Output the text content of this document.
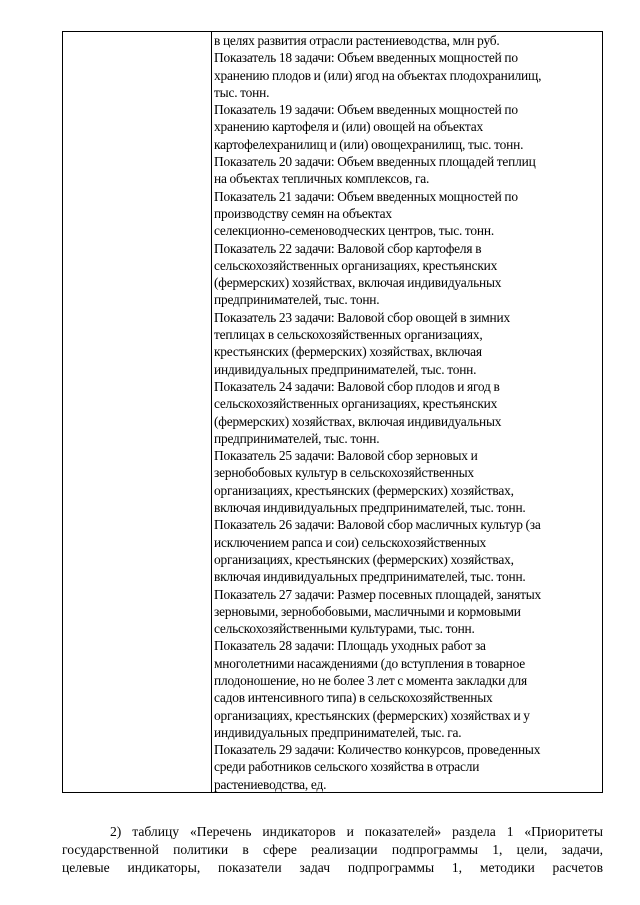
в целях развития отрасли растениеводства, млн руб.
Показатель 18 задачи: Объем введенных мощностей по
хранению плодов и (или) ягод на объектах плодохранилищ,
тыс. тонн.
Показатель 19 задачи: Объем введенных мощностей по
хранению картофеля и (или) овощей на объектах
картофелехранилищ и (или) овощехранилищ, тыс. тонн.
Показатель 20 задачи: Объем введенных площадей теплиц
на объектах тепличных комплексов, га.
Показатель 21 задачи: Объем введенных мощностей по
производству семян на объектах
селекционно-семеноводческих центров, тыс. тонн.
Показатель 22 задачи: Валовой сбор картофеля в
сельскохозяйственных организациях, крестьянских
(фермерских) хозяйствах, включая индивидуальных
предпринимателей, тыс. тонн.
Показатель 23 задачи: Валовой сбор овощей в зимних
теплицах в сельскохозяйственных организациях,
крестьянских (фермерских) хозяйствах, включая
индивидуальных предпринимателей, тыс. тонн.
Показатель 24 задачи: Валовой сбор плодов и ягод в
сельскохозяйственных организациях, крестьянских
(фермерских) хозяйствах, включая индивидуальных
предпринимателей, тыс. тонн.
Показатель 25 задачи: Валовой сбор зерновых и
зернобобовых культур в сельскохозяйственных
организациях, крестьянских (фермерских) хозяйствах,
включая индивидуальных предпринимателей, тыс. тонн.
Показатель 26 задачи: Валовой сбор масличных культур (за
исключением рапса и сои) сельскохозяйственных
организациях, крестьянских (фермерских) хозяйствах,
включая индивидуальных предпринимателей, тыс. тонн.
Показатель 27 задачи: Размер посевных площадей, занятых
зерновыми, зернобобовыми, масличными и кормовыми
сельскохозяйственными культурами, тыс. тонн.
Показатель 28 задачи: Площадь уходных работ за
многолетними насаждениями (до вступления в товарное
плодоношение, но не более 3 лет с момента закладки для
садов интенсивного типа) в сельскохозяйственных
организациях, крестьянских (фермерских) хозяйствах и у
индивидуальных предпринимателей, тыс. га.
Показатель 29 задачи: Количество конкурсов, проведенных
среди работников сельского хозяйства в отрасли
растениеводства, ед.
2) таблицу «Перечень индикаторов и показателей» раздела 1 «Приоритеты
государственной политики в сфере реализации подпрограммы 1, цели, задачи,
целевые индикаторы, показатели задач подпрограммы 1, методики расчетов
